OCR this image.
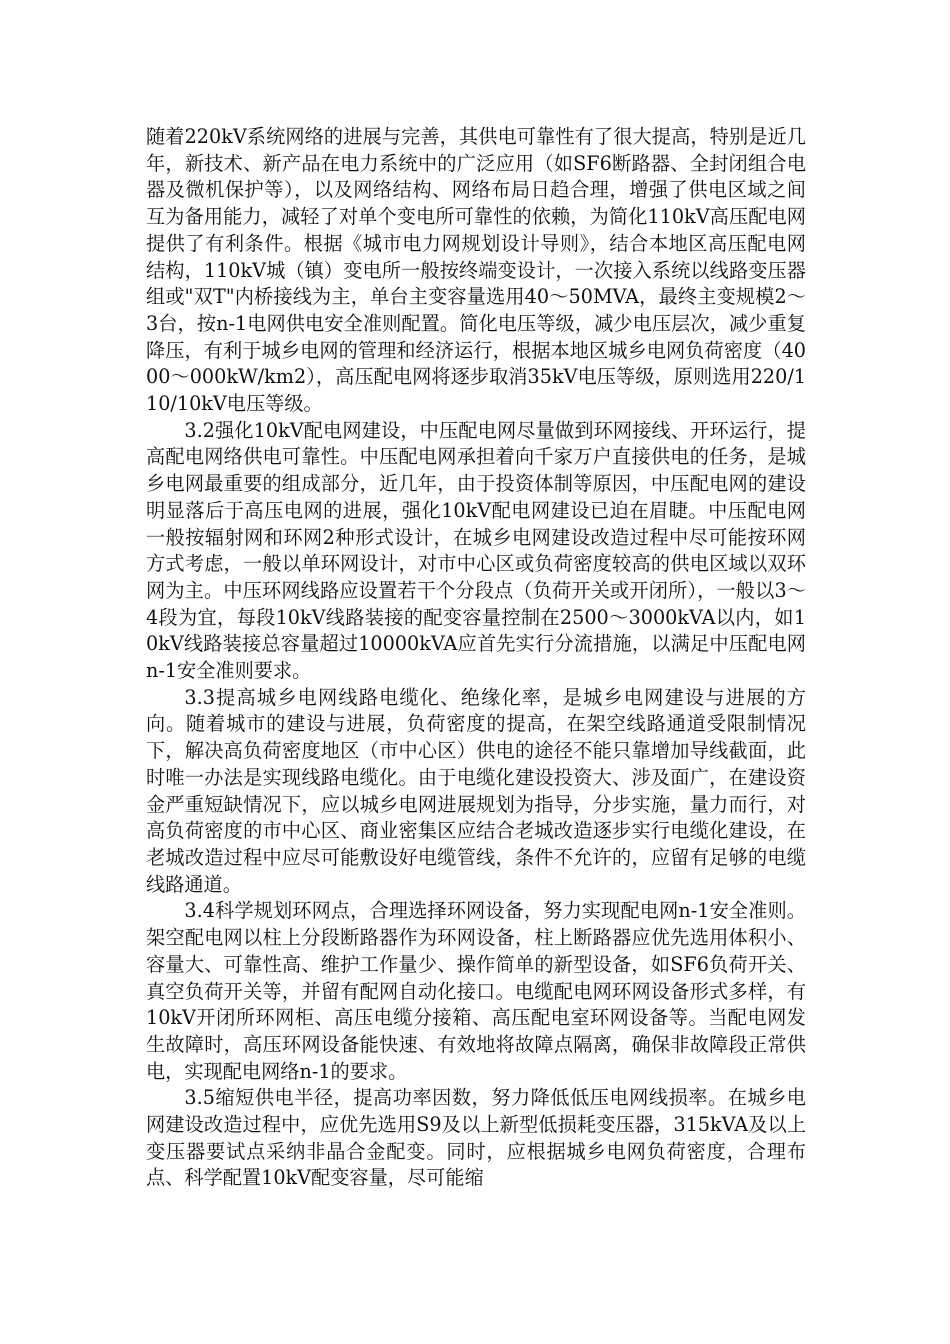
随着220kV系统网络的进展与完善，其供电可靠性有了很大提高，特别是近几年，新技术、新产品在电力系统中的广泛应用（如SF6断路器、全封闭组合电器及微机保护等），以及网络结构、网络布局日趋合理，增强了供电区域之间互为备用能力，减轻了对单个变电所可靠性的依赖，为简化110kV高压配电网提供了有利条件。根据《城市电力网规划设计导则》，结合本地区高压配电网结构，110kV城（镇）变电所一般按终端变设计，一次接入系统以线路变压器组或"双T"内桥接线为主，单台主变容量选用40～50MVA，最终主变规模2～3台，按n-1电网供电安全准则配置。简化电压等级，减少电压层次，减少重复降压，有利于城乡电网的管理和经济运行，根据本地区城乡电网负荷密度（4000～000kW/km2），高压配电网将逐步取消35kV电压等级，原则选用220/110/10kV电压等级。

3.2强化10kV配电网建设，中压配电网尽量做到环网接线、开环运行，提高配电网络供电可靠性。中压配电网承担着向千家万户直接供电的任务，是城乡电网最重要的组成部分，近几年，由于投资体制等原因，中压配电网的建设明显落后于高压电网的进展，强化10kV配电网建设已迫在眉睫。中压配电网一般按辐射网和环网2种形式设计，在城乡电网建设改造过程中尽可能按环网方式考虑，一般以单环网设计，对市中心区或负荷密度较高的供电区域以双环网为主。中压环网线路应设置若干个分段点（负荷开关或开闭所），一般以3～4段为宜，每段10kV线路装接的配变容量控制在2500～3000kVA以内，如10kV线路装接总容量超过10000kVA应首先实行分流措施，以满足中压配电网n-1安全准则要求。

3.3提高城乡电网线路电缆化、绝缘化率，是城乡电网建设与进展的方向。随着城市的建设与进展，负荷密度的提高，在架空线路通道受限制情况下，解决高负荷密度地区（市中心区）供电的途径不能只靠增加导线截面，此时唯一办法是实现线路电缆化。由于电缆化建设投资大、涉及面广，在建设资金严重短缺情况下，应以城乡电网进展规划为指导，分步实施，量力而行，对高负荷密度的市中心区、商业密集区应结合老城改造逐步实行电缆化建设，在老城改造过程中应尽可能敷设好电缆管线，条件不允许的，应留有足够的电缆线路通道。

3.4科学规划环网点，合理选择环网设备，努力实现配电网n-1安全准则。架空配电网以柱上分段断路器作为环网设备，柱上断路器应优先选用体积小、容量大、可靠性高、维护工作量少、操作简单的新型设备，如SF6负荷开关、真空负荷开关等，并留有配网自动化接口。电缆配电网环网设备形式多样，有10kV开闭所环网柜、高压电缆分接箱、高压配电室环网设备等。当配电网发生故障时，高压环网设备能快速、有效地将故障点隔离，确保非故障段正常供电，实现配电网络n-1的要求。

3.5缩短供电半径，提高功率因数，努力降低低压电网线损率。在城乡电网建设改造过程中，应优先选用S9及以上新型低损耗变压器，315kVA及以上变压器要试点采纳非晶合金配变。同时，应根据城乡电网负荷密度，合理布点、科学配置10kV配变容量，尽可能缩
